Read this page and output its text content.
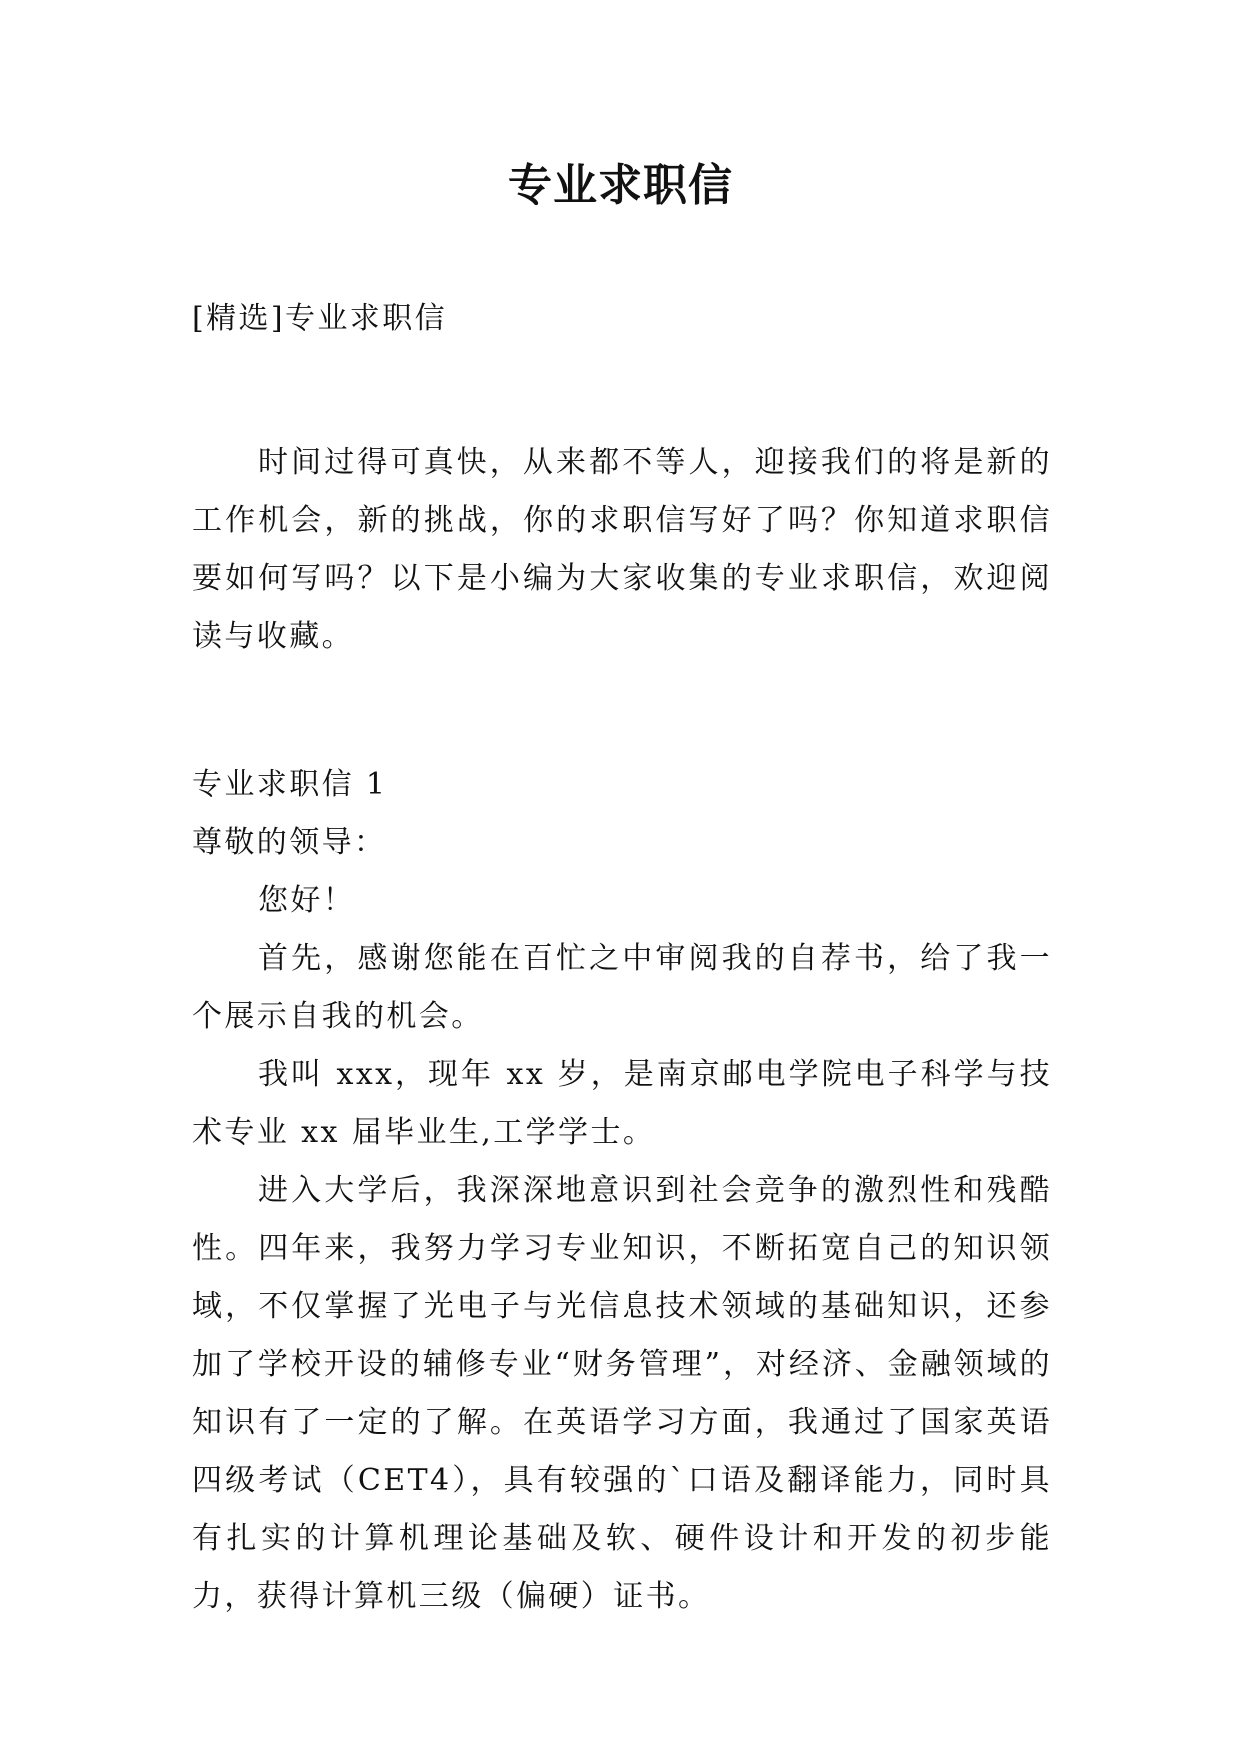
专业求职信

[精选]专业求职信

时间过得可真快，从来都不等人，迎接我们的将是新的工作机会，新的挑战，你的求职信写好了吗？你知道求职信要如何写吗？以下是小编为大家收集的专业求职信，欢迎阅读与收藏。

专业求职信 1

尊敬的领导：

您好！

首先，感谢您能在百忙之中审阅我的自荐书，给了我一个展示自我的机会。

我叫 xxx，现年 xx 岁，是南京邮电学院电子科学与技术专业 xx 届毕业生,工学学士。

进入大学后，我深深地意识到社会竞争的激烈性和残酷性。四年来，我努力学习专业知识，不断拓宽自己的知识领域，不仅掌握了光电子与光信息技术领域的基础知识，还参加了学校开设的辅修专业“财务管理”，对经济、金融领域的知识有了一定的了解。在英语学习方面，我通过了国家英语四级考试（CET4），具有较强的`口语及翻译能力，同时具有扎实的计算机理论基础及软、硬件设计和开发的初步能力，获得计算机三级（偏硬）证书。
